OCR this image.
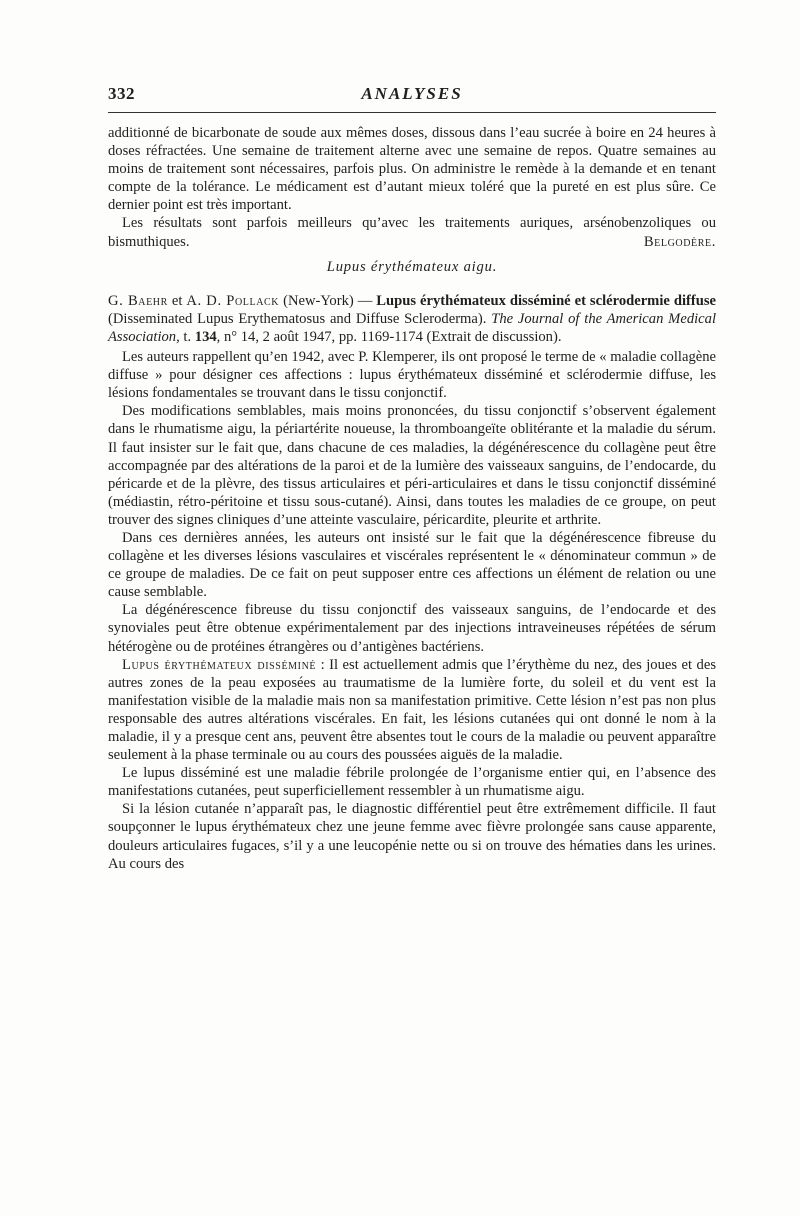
332	ANALYSES

additionné de bicarbonate de soude aux mêmes doses, dissous dans l’eau sucrée à boire en 24 heures à doses réfractées. Une semaine de traitement alterne avec une semaine de repos. Quatre semaines au moins de traitement sont nécessaires, parfois plus. On administre le remède à la demande et en tenant compte de la tolérance. Le médicament est d’autant mieux toléré que la pureté en est plus sûre. Ce dernier point est très important.

Les résultats sont parfois meilleurs qu’avec les traitements auriques, arsénobenzoliques ou bismuthiques.	Belgodère.

Lupus érythémateux aigu.

G. Baehr et A. D. Pollack (New-York) — Lupus érythémateux disséminé et sclérodermie diffuse (Disseminated Lupus Erythematosus and Diffuse Scleroderma). The Journal of the American Medical Association, t. 134, n° 14, 2 août 1947, pp. 1169-1174 (Extrait de discussion).

Les auteurs rappellent qu’en 1942, avec P. Klemperer, ils ont proposé le terme de « maladie collagène diffuse » pour désigner ces affections : lupus érythémateux disséminé et sclérodermie diffuse, les lésions fondamentales se trouvant dans le tissu conjonctif.

Des modifications semblables, mais moins prononcées, du tissu conjonctif s’observent également dans le rhumatisme aigu, la périartérite noueuse, la thromboangeïte oblitérante et la maladie du sérum. Il faut insister sur le fait que, dans chacune de ces maladies, la dégénérescence du collagène peut être accompagnée par des altérations de la paroi et de la lumière des vaisseaux sanguins, de l’endocarde, du péricarde et de la plèvre, des tissus articulaires et péri-articulaires et dans le tissu conjonctif disséminé (médiastin, rétro-péritoine et tissu sous-cutané). Ainsi, dans toutes les maladies de ce groupe, on peut trouver des signes cliniques d’une atteinte vasculaire, péricardite, pleurite et arthrite.

Dans ces dernières années, les auteurs ont insisté sur le fait que la dégénérescence fibreuse du collagène et les diverses lésions vasculaires et viscérales représentent le « dénominateur commun » de ce groupe de maladies. De ce fait on peut supposer entre ces affections un élément de relation ou une cause semblable.

La dégénérescence fibreuse du tissu conjonctif des vaisseaux sanguins, de l’endocarde et des synoviales peut être obtenue expérimentalement par des injections intraveineuses répétées de sérum hétérogène ou de protéines étrangères ou d’antigènes bactériens.

Lupus érythémateux disséminé : Il est actuellement admis que l’érythème du nez, des joues et des autres zones de la peau exposées au traumatisme de la lumière forte, du soleil et du vent est la manifestation visible de la maladie mais non sa manifestation primitive. Cette lésion n’est pas non plus responsable des autres altérations viscérales. En fait, les lésions cutanées qui ont donné le nom à la maladie, il y a presque cent ans, peuvent être absentes tout le cours de la maladie ou peuvent apparaître seulement à la phase terminale ou au cours des poussées aiguës de la maladie.

Le lupus disséminé est une maladie fébrile prolongée de l’organisme entier qui, en l’absence des manifestations cutanées, peut superficiellement ressembler à un rhumatisme aigu.

Si la lésion cutanée n’apparaît pas, le diagnostic différentiel peut être extrêmement difficile. Il faut soupçonner le lupus érythémateux chez une jeune femme avec fièvre prolongée sans cause apparente, douleurs articulaires fugaces, s’il y a une leucopénie nette ou si on trouve des hématies dans les urines. Au cours des
